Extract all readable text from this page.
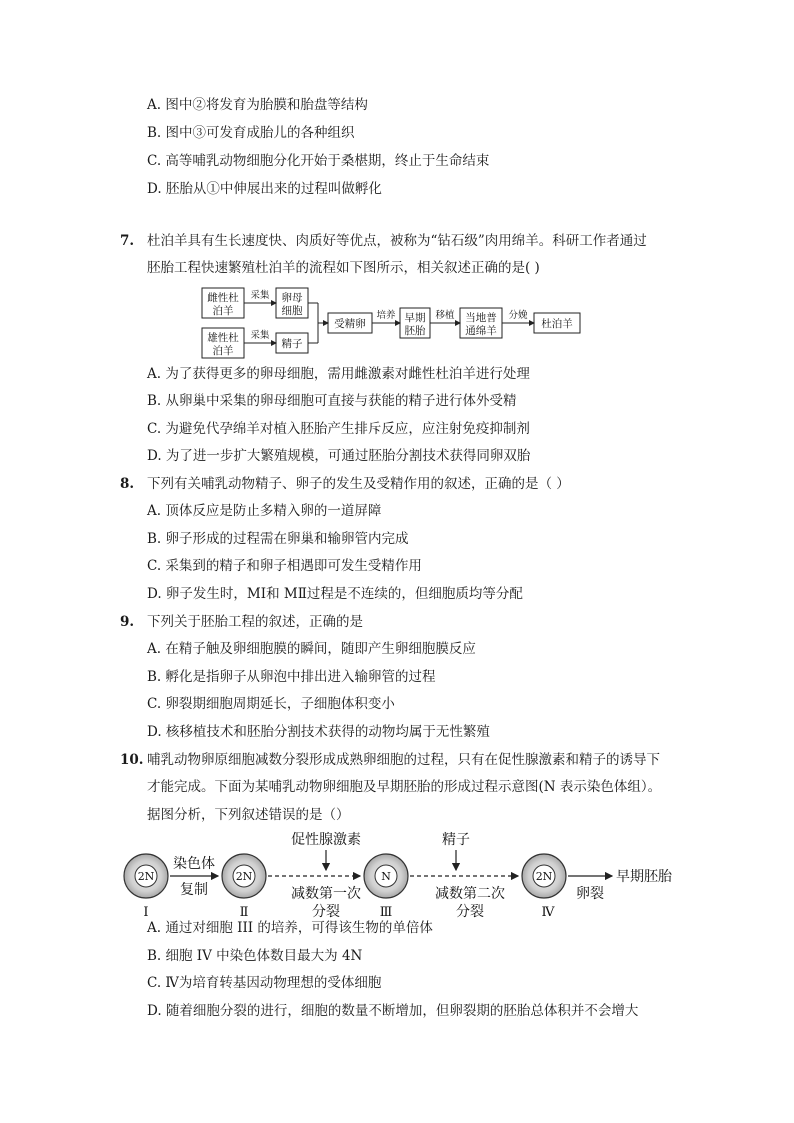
A. 图中②将发育为胎膜和胎盘等结构
B. 图中③可发育成胎儿的各种组织
C. 高等哺乳动物细胞分化开始于桑椹期，终止于生命结束
D. 胚胎从①中伸展出来的过程叫做孵化
7. 杜泊羊具有生长速度快、肉质好等优点，被称为“钻石级”肉用绵羊。科研工作者通过
胚胎工程快速繁殖杜泊羊的流程如下图所示，相关叙述正确的是( )
雌性杜
泊羊
采集 卵母
细胞
雄性杜
泊羊
采集
精子
受精卵
培养 早期
胚胎
移植 当地普
通绵羊
分娩
杜泊羊
A. 为了获得更多的卵母细胞，需用雌激素对雌性杜泊羊进行处理
B. 从卵巢中采集的卵母细胞可直接与获能的精子进行体外受精
C. 为避免代孕绵羊对植入胚胎产生排斥反应，应注射免疫抑制剂
D. 为了进一步扩大繁殖规模，可通过胚胎分割技术获得同卵双胎
8. 下列有关哺乳动物精子、卵子的发生及受精作用的叙述，正确的是（ ）
A. 顶体反应是防止多精入卵的一道屏障
B. 卵子形成的过程需在卵巢和输卵管内完成
C. 采集到的精子和卵子相遇即可发生受精作用
D. 卵子发生时，MⅠ和 MⅡ过程是不连续的，但细胞质均等分配
9. 下列关于胚胎工程的叙述，正确的是
A. 在精子触及卵细胞膜的瞬间，随即产生卵细胞膜反应
B. 孵化是指卵子从卵泡中排出进入输卵管的过程
C. 卵裂期细胞周期延长，子细胞体积变小
D. 核移植技术和胚胎分割技术获得的动物均属于无性繁殖
10. 哺乳动物卵原细胞减数分裂形成成熟卵细胞的过程，只有在促性腺激素和精子的诱导下
才能完成。下面为某哺乳动物卵细胞及早期胚胎的形成过程示意图(N 表示染色体组）。
据图分析，下列叙述错误的是（）
2N
Ⅰ
染色体
复制
2N
Ⅱ
促性腺激素
减数第一次
分裂
N
Ⅲ
精子
减数第二次
分裂
2N
Ⅳ
卵裂
早期胚胎
A. 通过对细胞 III 的培养，可得该生物的单倍体
B. 细胞 IV 中染色体数目最大为 4N
C. Ⅳ为培育转基因动物理想的受体细胞
D. 随着细胞分裂的进行，细胞的数量不断增加，但卵裂期的胚胎总体积并不会增大
